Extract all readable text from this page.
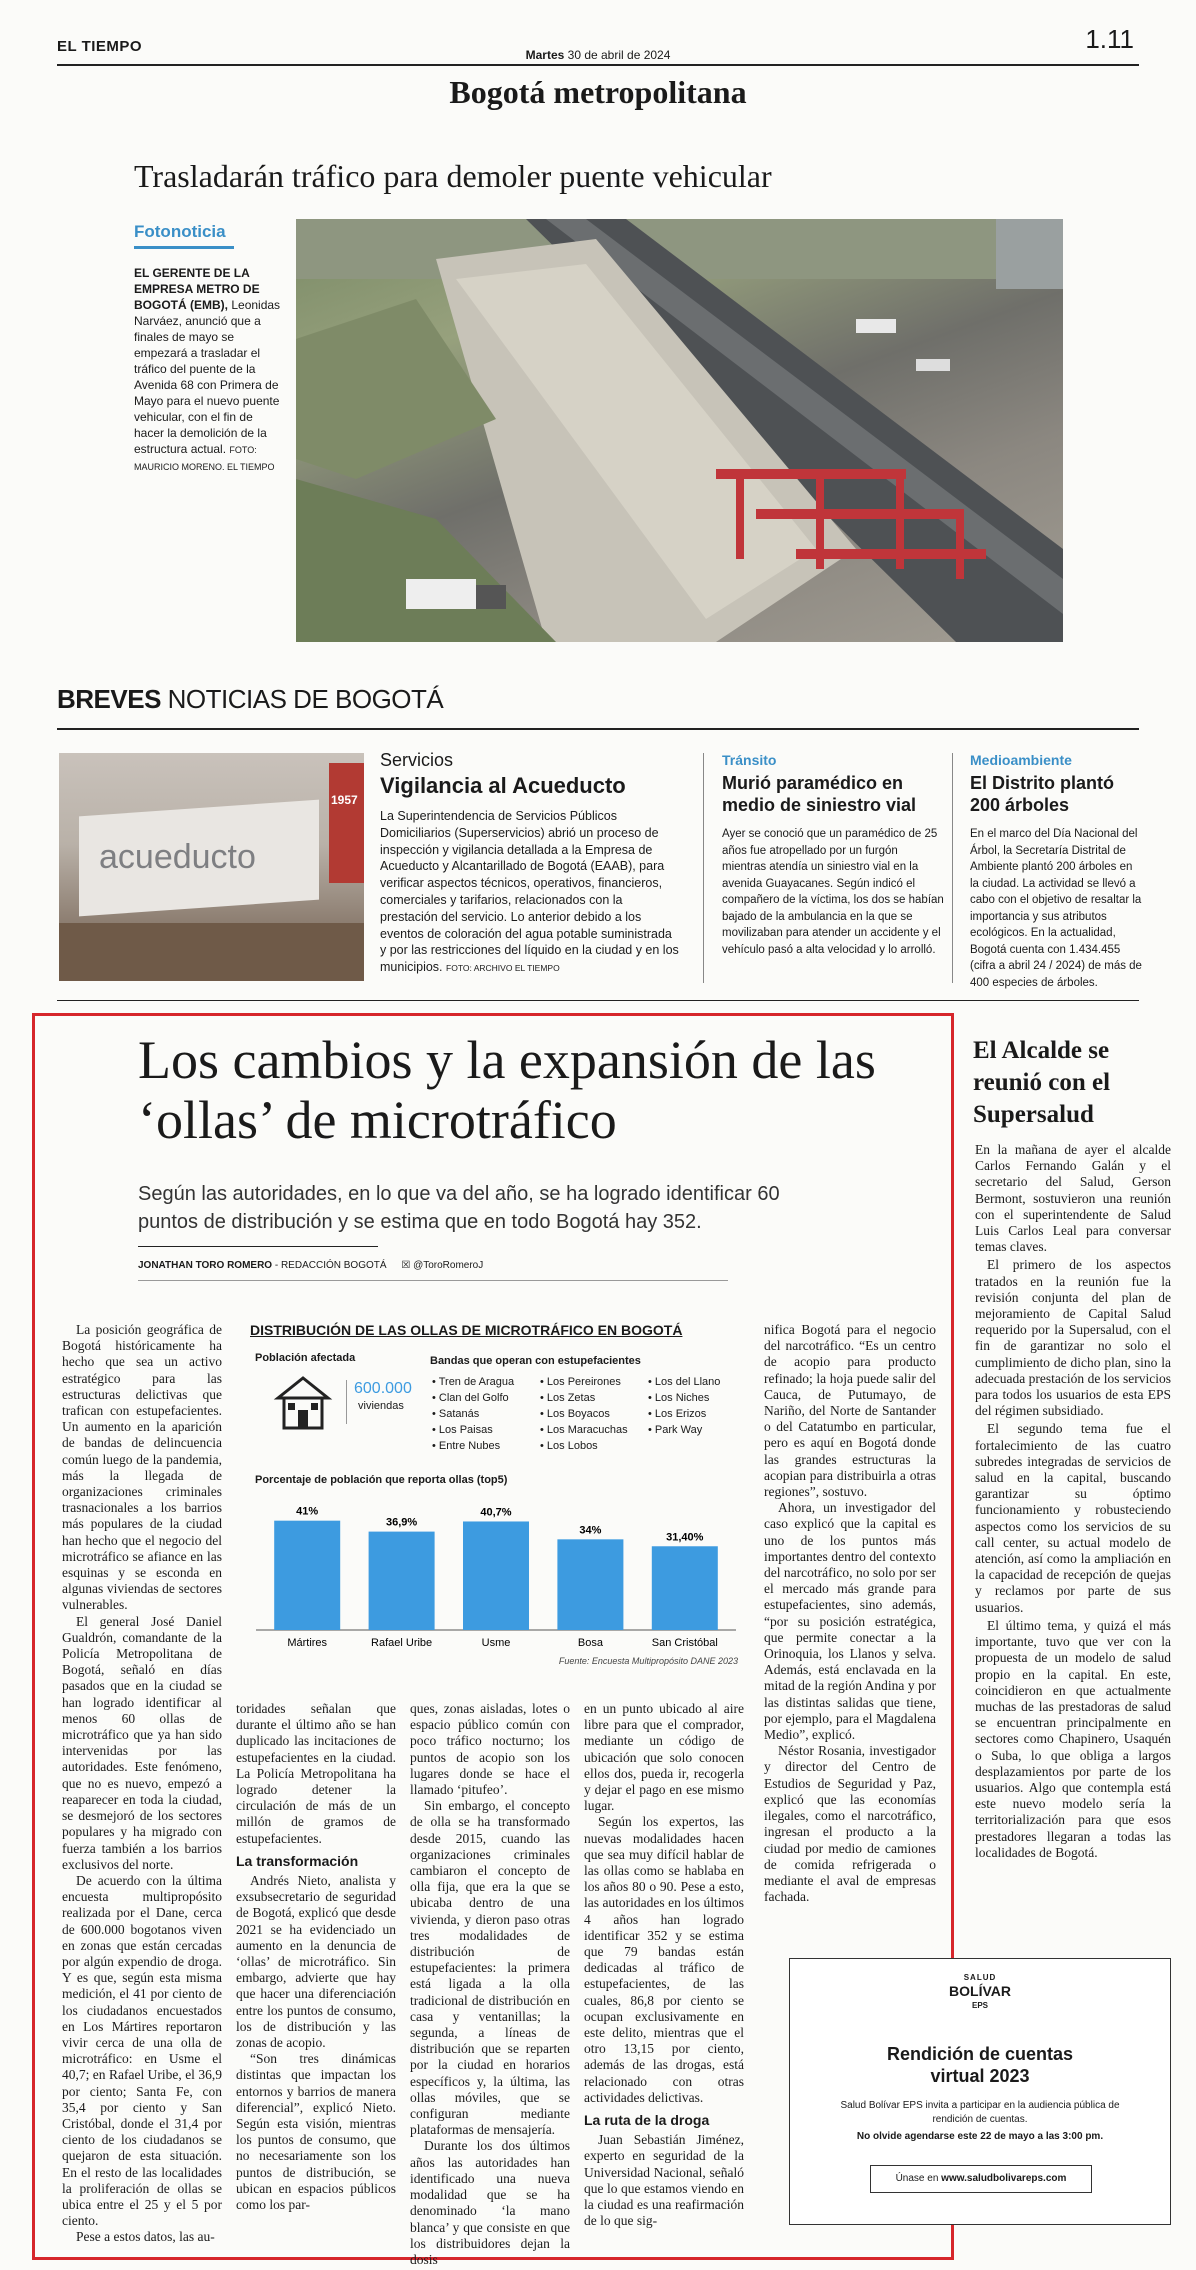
EL TIEMPO	Martes 30 de abril de 2024
1.11
Bogotá metropolitana
Trasladarán tráfico para demoler puente vehicular
Fotonoticia
EL GERENTE DE LA EMPRESA METRO DE BOGOTÁ (EMB), Leonidas Narváez, anunció que a finales de mayo se empezará a trasladar el tráfico del puente de la Avenida 68 con Primera de Mayo para el nuevo puente vehicular, con el fin de hacer la demolición de la estructura actual. FOTO: MAURICIO MORENO. EL TIEMPO
BREVES NOTICIAS DE BOGOTÁ
acueducto
1957
Servicios
Vigilancia al Acueducto
La Superintendencia de Servicios Públicos Domiciliarios (Superservicios) abrió un proceso de inspección y vigilancia detallada a la Empresa de Acueducto y Alcantarillado de Bogotá (EAAB), para verificar aspectos técnicos, operativos, financieros, comerciales y tarifarios, relacionados con la prestación del servicio. Lo anterior debido a los eventos de coloración del agua potable suministrada y por las restricciones del líquido en la ciudad y en los municipios. FOTO: ARCHIVO EL TIEMPO
Tránsito
Murió paramédico en medio de siniestro vial
Ayer se conoció que un paramédico de 25 años fue atropellado por un furgón mientras atendía un siniestro vial en la avenida Guayacanes. Según indicó el compañero de la víctima, los dos se habían bajado de la ambulancia en la que se movilizaban para atender un accidente y el vehículo pasó a alta velocidad y lo arrolló.
Medioambiente
El Distrito plantó 200 árboles
En el marco del Día Nacional del Árbol, la Secretaría Distrital de Ambiente plantó 200 árboles en la ciudad. La actividad se llevó a cabo con el objetivo de resaltar la importancia y sus atributos ecológicos. En la actualidad, Bogotá cuenta con 1.434.455 (cifra a abril 24 / 2024) de más de 400 especies de árboles.
Los cambios y la expansión de las ‘ollas’ de microtráfico
Según las autoridades, en lo que va del año, se ha logrado identificar 60 puntos de distribución y se estima que en todo Bogotá hay 352.
JONATHAN TORO ROMERO - REDACCIÓN BOGOTÁ ☒ @ToroRomeroJ

La posición geográfica de Bogotá históricamente ha hecho que sea un activo estratégico para las estructuras delictivas que trafican con estupefacientes. Un aumento en la aparición de bandas de delincuencia común luego de la pandemia, más la llegada de organizaciones criminales trasnacionales a los barrios más populares de la ciudad han hecho que el negocio del microtráfico se afiance en las esquinas y se esconda en algunas viviendas de sectores vulnerables.

El general José Daniel Gualdrón, comandante de la Policía Metropolitana de Bogotá, señaló en días pasados que en la ciudad se han logrado identificar al menos 60 ollas de microtráfico que ya han sido intervenidas por las autoridades. Este fenómeno, que no es nuevo, empezó a reaparecer en toda la ciudad, se desmejoró de los sectores populares y ha migrado con fuerza también a los barrios exclusivos del norte.

De acuerdo con la última encuesta multipropósito realizada por el Dane, cerca de 600.000 bogotanos viven en zonas que están cercadas por algún expendio de droga. Y es que, según esta misma medición, el 41 por ciento de los ciudadanos encuestados en Los Mártires reportaron vivir cerca de una olla de microtráfico: en Usme el 40,7; en Rafael Uribe, el 36,9 por ciento; Santa Fe, con 35,4 por ciento y San Cristóbal, donde el 31,4 por ciento de los ciudadanos se quejaron de esta situación. En el resto de las localidades la proliferación de ollas se ubica entre el 25 y el 5 por ciento.

Pese a estos datos, las au-

DISTRIBUCIÓN DE LAS OLLAS DE MICROTRÁFICO EN BOGOTÁ
Población afectada
600.000
viviendas
Bandas que operan con estupefacientes
• Tren de Aragua
• Clan del Golfo
• Satanás
• Los Paisas
• Entre Nubes
• Los Pereirones
• Los Zetas
• Los Boyacos
• Los Maracuchas
• Los Lobos
• Los del Llano
• Los Niches
• Los Erizos
• Park Way
Porcentaje de población que reporta ollas (top5)
41%
Mártires
36,9%
Rafael Uribe
40,7%
Usme
34%
Bosa
31,40%
San Cristóbal
Fuente: Encuesta Multipropósito DANE 2023

toridades señalan que durante el último año se han duplicado las incitaciones de estupefacientes en la ciudad. La Policía Metropolitana ha logrado detener la circulación de más de un millón de gramos de estupefacientes.

La transformación

Andrés Nieto, analista y exsubsecretario de seguridad de Bogotá, explicó que desde 2021 se ha evidenciado un aumento en la denuncia de ‘ollas’ de microtráfico. Sin embargo, advierte que hay que hacer una diferenciación entre los puntos de consumo, los de distribución y las zonas de acopio.

“Son tres dinámicas distintas que impactan los entornos y barrios de manera diferencial”, explicó Nieto. Según esta visión, mientras los puntos de consumo, que no necesariamente son los puntos de distribución, se ubican en espacios públicos como los par-

ques, zonas aisladas, lotes o espacio público común con poco tráfico nocturno; los puntos de acopio son los lugares donde se hace el llamado ‘pitufeo’.

Sin embargo, el concepto de olla se ha transformado desde 2015, cuando las organizaciones criminales cambiaron el concepto de olla fija, que era la que se ubicaba dentro de una vivienda, y dieron paso otras tres modalidades de distribución de estupefacientes: la primera está ligada a la olla tradicional de distribución en casa y ventanillas; la segunda, a líneas de distribución que se reparten por la ciudad en horarios específicos y, la última, las ollas móviles, que se configuran mediante plataformas de mensajería.

Durante los dos últimos años las autoridades han identificado una nueva modalidad que se ha denominado ‘la mano blanca’ y que consiste en que los distribuidores dejan la dosis

en un punto ubicado al aire libre para que el comprador, mediante un código de ubicación que solo conocen ellos dos, pueda ir, recogerla y dejar el pago en ese mismo lugar.

Según los expertos, las nuevas modalidades hacen que sea muy difícil hablar de las ollas como se hablaba en los años 80 o 90. Pese a esto, las autoridades en los últimos 4 años han logrado identificar 352 y se estima que 79 bandas están dedicadas al tráfico de estupefacientes, de las cuales, 86,8 por ciento se ocupan exclusivamente en este delito, mientras que el otro 13,15 por ciento, además de las drogas, está relacionado con otras actividades delictivas.

La ruta de la droga

Juan Sebastián Jiménez, experto en seguridad de la Universidad Nacional, señaló que lo que estamos viendo en la ciudad es una reafirmación de lo que sig-

nifica Bogotá para el negocio del narcotráfico. “Es un centro de acopio para producto refinado; la hoja puede salir del Cauca, de Putumayo, de Nariño, del Norte de Santander o del Catatumbo en particular, pero es aquí en Bogotá donde las grandes estructuras la acopian para distribuirla a otras regiones”, sostuvo.

Ahora, un investigador del caso explicó que la capital es uno de los puntos más importantes dentro del contexto del narcotráfico, no solo por ser el mercado más grande para estupefacientes, sino además, “por su posición estratégica, que permite conectar a la Orinoquia, los Llanos y selva. Además, está enclavada en la mitad de la región Andina y por las distintas salidas que tiene, por ejemplo, para el Magdalena Medio”, explicó.

Néstor Rosania, investigador y director del Centro de Estudios de Seguridad y Paz, explicó que las economías ilegales, como el narcotráfico, ingresan el producto a la ciudad por medio de camiones de comida refrigerada o mediante el aval de empresas fachada.

El Alcalde se reunió con el Supersalud

En la mañana de ayer el alcalde Carlos Fernando Galán y el secretario del Salud, Gerson Bermont, sostuvieron una reunión con el superintendente de Salud Luis Carlos Leal para conversar temas claves.

El primero de los aspectos tratados en la reunión fue la revisión conjunta del plan de mejoramiento de Capital Salud requerido por la Supersalud, con el fin de garantizar no solo el cumplimiento de dicho plan, sino la adecuada prestación de los servicios para todos los usuarios de esta EPS del régimen subsidiado.

El segundo tema fue el fortalecimiento de las cuatro subredes integradas de servicios de salud en la capital, buscando garantizar su óptimo funcionamiento y robusteciendo aspectos como los servicios de su call center, su actual modelo de atención, así como la ampliación en la capacidad de recepción de quejas y reclamos por parte de sus usuarios.

El último tema, y quizá el más importante, tuvo que ver con la propuesta de un modelo de salud propio en la capital. En este, coincidieron en que actualmente muchas de las prestadoras de salud se encuentran principalmente en sectores como Chapinero, Usaquén o Suba, lo que obliga a largos desplazamientos por parte de los usuarios. Algo que contempla está este nuevo modelo sería la territorialización para que esos prestadores llegaran a todas las localidades de Bogotá.

SALUD
BOLÍVAR
EPS
Rendición de cuentas virtual 2023
Salud Bolívar EPS invita a participar en la audiencia pública de rendición de cuentas.
No olvide agendarse este 22 de mayo a las 3:00 pm.
Únase en www.saludbolivareps.com
